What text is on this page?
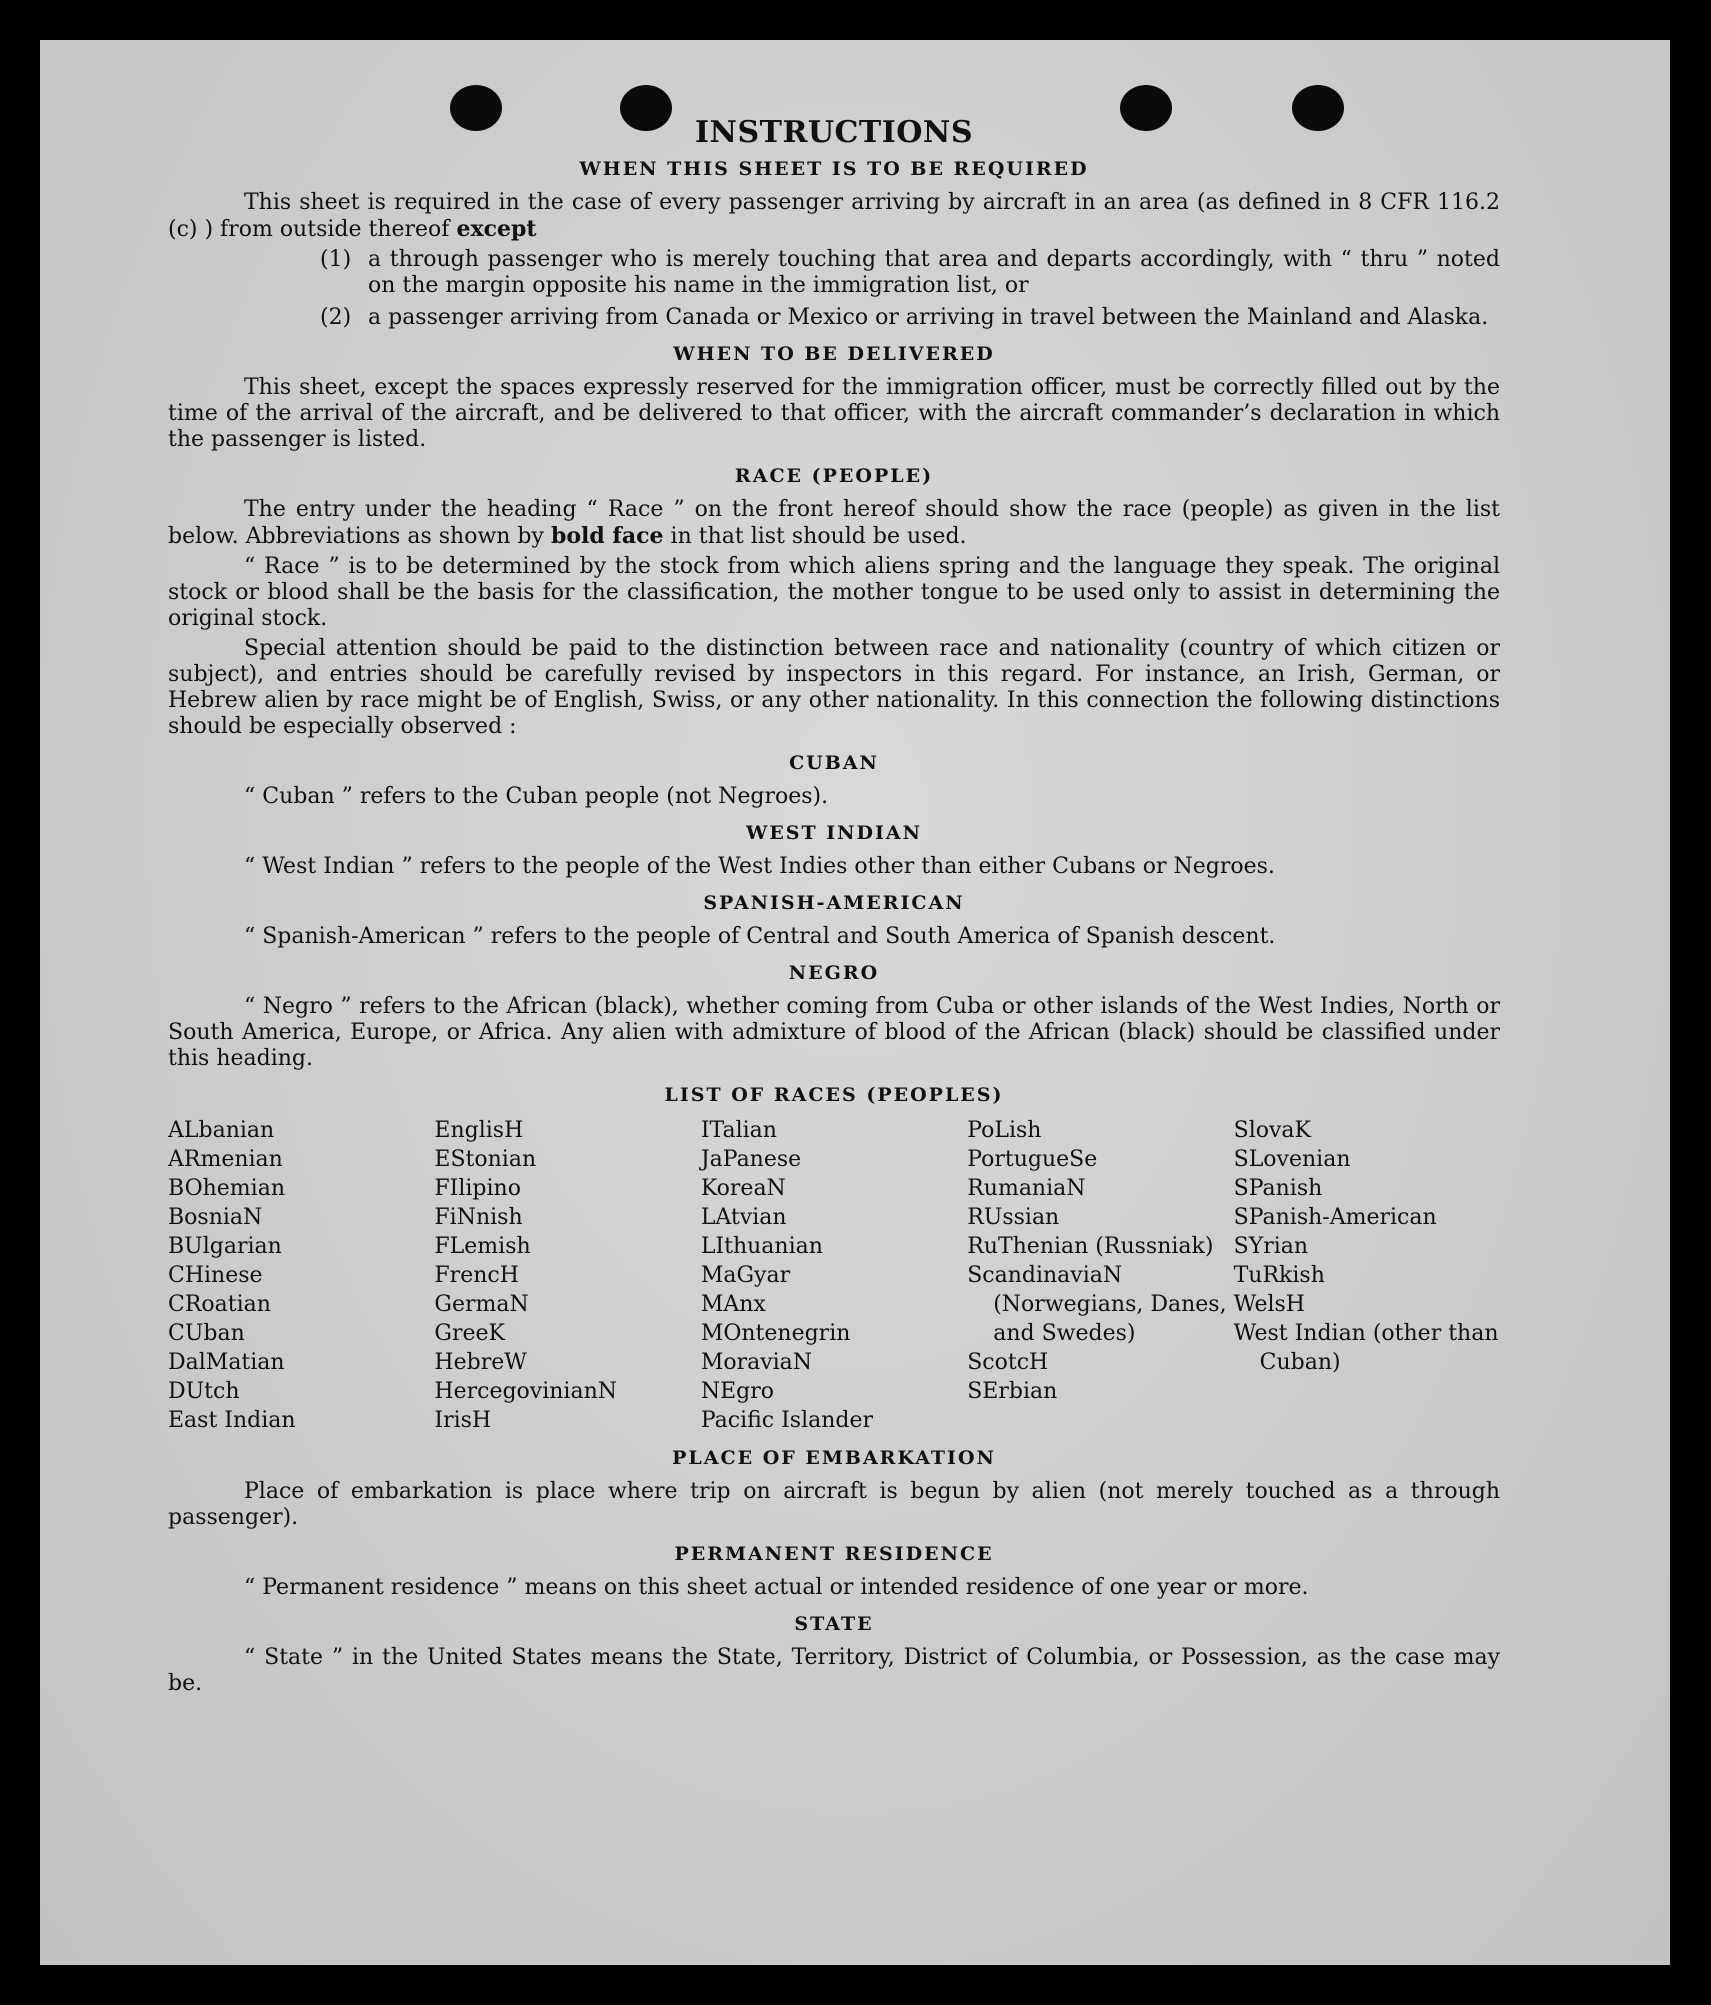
INSTRUCTIONS
WHEN THIS SHEET IS TO BE REQUIRED

This sheet is required in the case of every passenger arriving by aircraft in an area (as defined in 8 CFR 116.2 (c) ) from outside thereof except

(1) a through passenger who is merely touching that area and departs accordingly, with “ thru ” noted on the margin opposite his name in the immigration list, or
(2) a passenger arriving from Canada or Mexico or arriving in travel between the Mainland and Alaska.
WHEN TO BE DELIVERED

This sheet, except the spaces expressly reserved for the immigration officer, must be correctly filled out by the time of the arrival of the aircraft, and be delivered to that officer, with the aircraft commander’s declaration in which the passenger is listed.

RACE (PEOPLE)

The entry under the heading “ Race ” on the front hereof should show the race (people) as given in the list below. Abbreviations as shown by bold face in that list should be used.

“ Race ” is to be determined by the stock from which aliens spring and the language they speak. The original stock or blood shall be the basis for the classification, the mother tongue to be used only to assist in determining the original stock.

Special attention should be paid to the distinction between race and nationality (country of which citizen or subject), and entries should be carefully revised by inspectors in this regard. For instance, an Irish, German, or Hebrew alien by race might be of English, Swiss, or any other nationality. In this connection the following distinctions should be especially observed :

CUBAN

“ Cuban ” refers to the Cuban people (not Negroes).

WEST INDIAN

“ West Indian ” refers to the people of the West Indies other than either Cubans or Negroes.

SPANISH-AMERICAN

“ Spanish-American ” refers to the people of Central and South America of Spanish descent.

NEGRO

“ Negro ” refers to the African (black), whether coming from Cuba or other islands of the West Indies, North or South America, Europe, or Africa. Any alien with admixture of blood of the African (black) should be classified under this heading.

LIST OF RACES (PEOPLES)
ALbanian
ARmenian
BOhemian
BosniaN
BUlgarian
CHinese
CRoatian
CUban
DalMatian
DUtch
East Indian
EnglisH
EStonian
FIlipino
FiNnish
FLemish
FrencH
GermaN
GreeK
HebreW
HercegovinianN
IrisH
ITalian
JaPanese
KoreaN
LAtvian
LIthuanian
MaGyar
MAnx
MOntenegrin
MoraviaN
NEgro
Pacific Islander
PoLish
PortugueSe
RumaniaN
RUssian
RuThenian (Russniak)
ScandinaviaN (Norwegians, Danes, and Swedes)
ScotcH
SErbian
SlovaK
SLovenian
SPanish
SPanish-American
SYrian
TuRkish
WelsH
West Indian (other than Cuban)
PLACE OF EMBARKATION

Place of embarkation is place where trip on aircraft is begun by alien (not merely touched as a through passenger).

PERMANENT RESIDENCE

“ Permanent residence ” means on this sheet actual or intended residence of one year or more.

STATE

“ State ” in the United States means the State, Territory, District of Columbia, or Possession, as the case may be.
